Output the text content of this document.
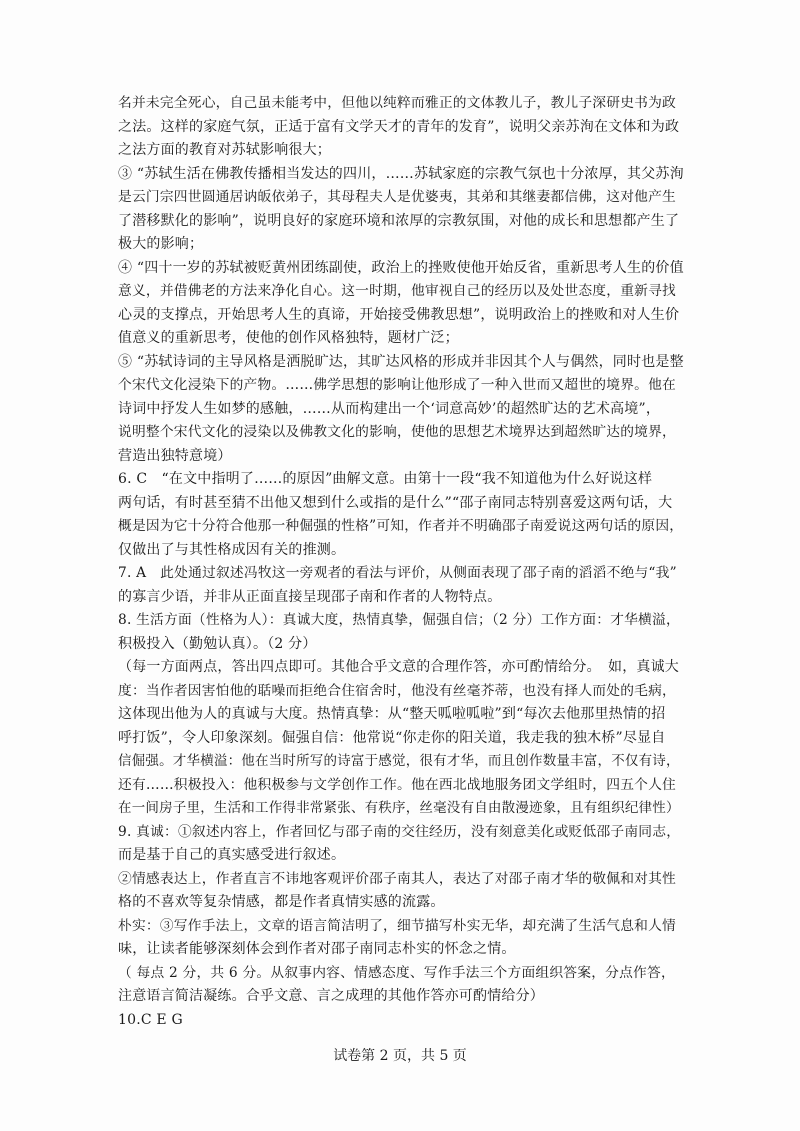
名并未完全死心，自己虽未能考中，但他以纯粹而雅正的文体教儿子，教儿子深研史书为政

之法。这样的家庭气氛，正适于富有文学天才的青年的发育”，说明父亲苏洵在文体和为政

之法方面的教育对苏轼影响很大；

③ “苏轼生活在佛教传播相当发达的四川，……苏轼家庭的宗教气氛也十分浓厚，其父苏洵

是云门宗四世圆通居讷皈依弟子，其母程夫人是优婆夷，其弟和其继妻都信佛，这对他产生

了潜移默化的影响”，说明良好的家庭环境和浓厚的宗教氛围，对他的成长和思想都产生了

极大的影响；

④ “四十一岁的苏轼被贬黄州团练副使，政治上的挫败使他开始反省，重新思考人生的价值

意义，并借佛老的方法来净化自心。这一时期，他审视自己的经历以及处世态度，重新寻找

心灵的支撑点，开始思考人生的真谛，开始接受佛教思想”，说明政治上的挫败和对人生价

值意义的重新思考，使他的创作风格独特，题材广泛；

⑤ “苏轼诗词的主导风格是洒脱旷达，其旷达风格的形成并非因其个人与偶然，同时也是整

个宋代文化浸染下的产物。……佛学思想的影响让他形成了一种入世而又超世的境界。他在

诗词中抒发人生如梦的感触，……从而构建出一个‘词意高妙’的超然旷达的艺术高境”，

说明整个宋代文化的浸染以及佛教文化的影响，使他的思想艺术境界达到超然旷达的境界，

营造出独特意境）

6. C　“在文中指明了……的原因”曲解文意。由第十一段“我不知道他为什么好说这样

两句话，有时甚至猜不出他又想到什么或指的是什么”“邵子南同志特别喜爱这两句话，大

概是因为它十分符合他那一种倔强的性格”可知，作者并不明确邵子南爱说这两句话的原因，

仅做出了与其性格成因有关的推测。

7. A　此处通过叙述冯牧这一旁观者的看法与评价，从侧面表现了邵子南的滔滔不绝与“我”

的寡言少语，并非从正面直接呈现邵子南和作者的人物特点。

8. 生活方面（性格为人）：真诚大度，热情真挚，倔强自信；（2 分）工作方面：才华横溢，

积极投入（勤勉认真）。（2 分）

（每一方面两点，答出四点即可。其他合乎文意的合理作答，亦可酌情给分。　如，真诚大

度：当作者因害怕他的聒噪而拒绝合住宿舍时，他没有丝毫芥蒂，也没有择人而处的毛病，

这体现出他为人的真诚与大度。热情真挚：从“整天呱啦呱啦”到“每次去他那里热情的招

呼打饭”，令人印象深刻。倔强自信：他常说“你走你的阳关道，我走我的独木桥”尽显自

信倔强。才华横溢：他在当时所写的诗富于感觉，很有才华，而且创作数量丰富，不仅有诗，

还有……积极投入：他积极参与文学创作工作。他在西北战地服务团文学组时，四五个人住

在一间房子里，生活和工作得非常紧张、有秩序，丝毫没有自由散漫迹象，且有组织纪律性）

9. 真诚：①叙述内容上，作者回忆与邵子南的交往经历，没有刻意美化或贬低邵子南同志，

而是基于自己的真实感受进行叙述。

②情感表达上，作者直言不讳地客观评价邵子南其人，表达了对邵子南才华的敬佩和对其性

格的不喜欢等复杂情感，都是作者真情实感的流露。

朴实：③写作手法上，文章的语言简洁明了，细节描写朴实无华，却充满了生活气息和人情

味，让读者能够深刻体会到作者对邵子南同志朴实的怀念之情。

（ 每点 2 分，共 6 分。从叙事内容、情感态度、写作手法三个方面组织答案，分点作答，

注意语言简洁凝练。合乎文意、言之成理的其他作答亦可酌情给分）

10.C E G

试卷第 2 页，共 5 页
